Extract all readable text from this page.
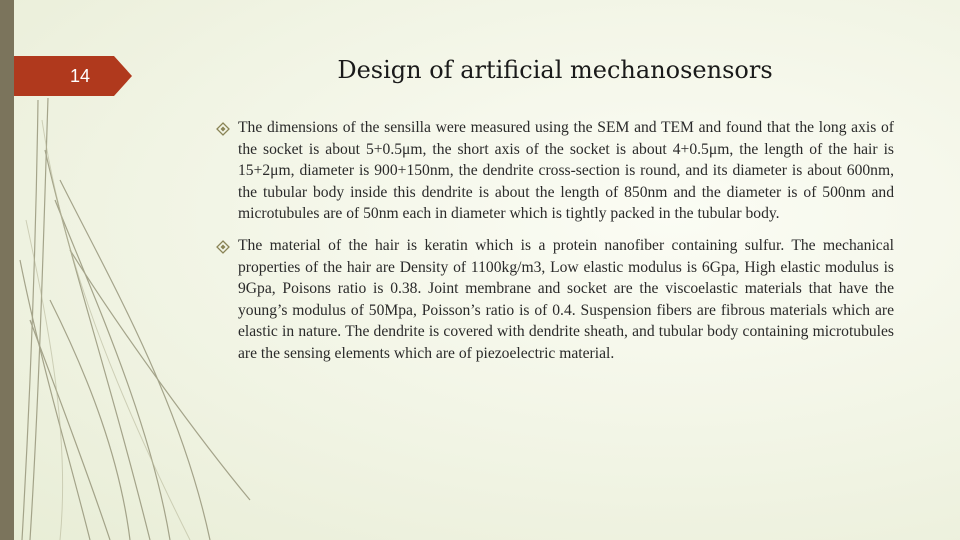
14	Design of artificial mechanosensors
The dimensions of the sensilla were measured using the SEM and TEM and found that the long axis of the socket is about 5+0.5μm, the short axis of the socket is about 4+0.5μm, the length of the hair is 15+2μm, diameter is 900+150nm, the dendrite cross-section is round, and its diameter is about 600nm, the tubular body inside this dendrite is about the length of 850nm and the diameter is of 500nm and microtubules are of 50nm each in diameter which is tightly packed in the tubular body.
The material of the hair is keratin which is a protein nanofiber containing sulfur. The mechanical properties of the hair are Density of 1100kg/m3, Low elastic modulus is 6Gpa, High elastic modulus is 9Gpa, Poisons ratio is 0.38. Joint membrane and socket are the viscoelastic materials that have the young’s modulus of 50Mpa, Poisson’s ratio is of 0.4. Suspension fibers are fibrous materials which are elastic in nature. The dendrite is covered with dendrite sheath, and tubular body containing microtubules are the sensing elements which are of piezoelectric material.
